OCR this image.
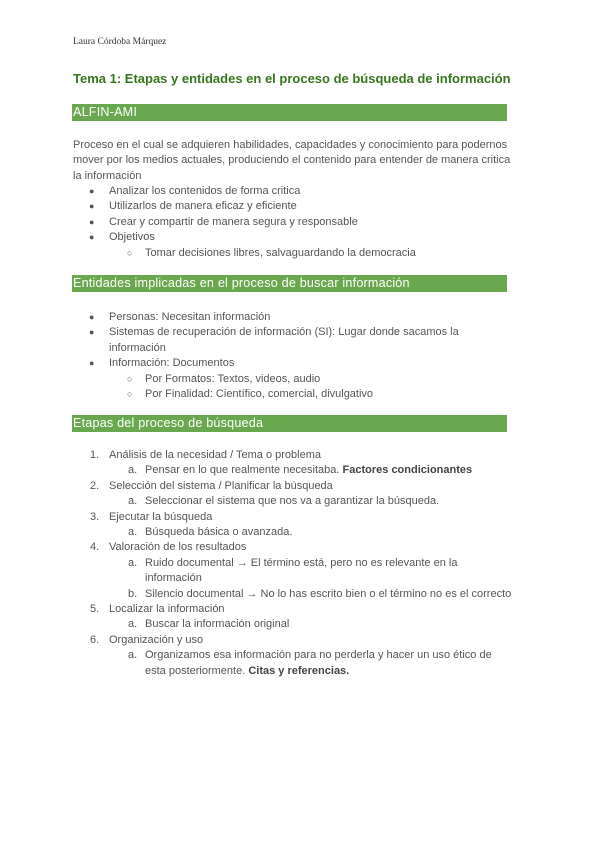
Laura Córdoba Márquez
Tema 1: Etapas y entidades en el proceso de búsqueda de información
ALFIN-AMI

Proceso en el cual se adquieren habilidades, capacidades y conocimiento para podernos mover por los medios actuales, produciendo el contenido para entender de manera critica la información

● Analizar los contenidos de forma critica
● Utilizarlos de manera eficaz y eficiente
● Crear y compartir de manera segura y responsable
● Objetivos
○ Tomar decisiones libres, salvaguardando la democracia
Entidades implicadas en el proceso de buscar información
● Personas: Necesitan información
● Sistemas de recuperación de información (SI): Lugar donde sacamos la información
● Información: Documentos
○ Por Formatos: Textos, videos, audio
○ Por Finalidad: Científico, comercial, divulgativo
Etapas del proceso de búsqueda
1. Análisis de la necesidad / Tema o problema
a. Pensar en lo que realmente necesitaba. Factores condicionantes
2. Selección del sistema / Planificar la búsqueda
a. Seleccionar el sistema que nos va a garantizar la búsqueda.
3. Ejecutar la búsqueda
a. Búsqueda básica o avanzada.
4. Valoración de los resultados
a. Ruido documental → El término está, pero no es relevante en la información
b. Silencio documental → No lo has escrito bien o el término no es el correcto
5. Localizar la información
a. Buscar la información original
6. Organización y uso
a. Organizamos esa información para no perderla y hacer un uso ético de esta posteriormente. Citas y referencias.
